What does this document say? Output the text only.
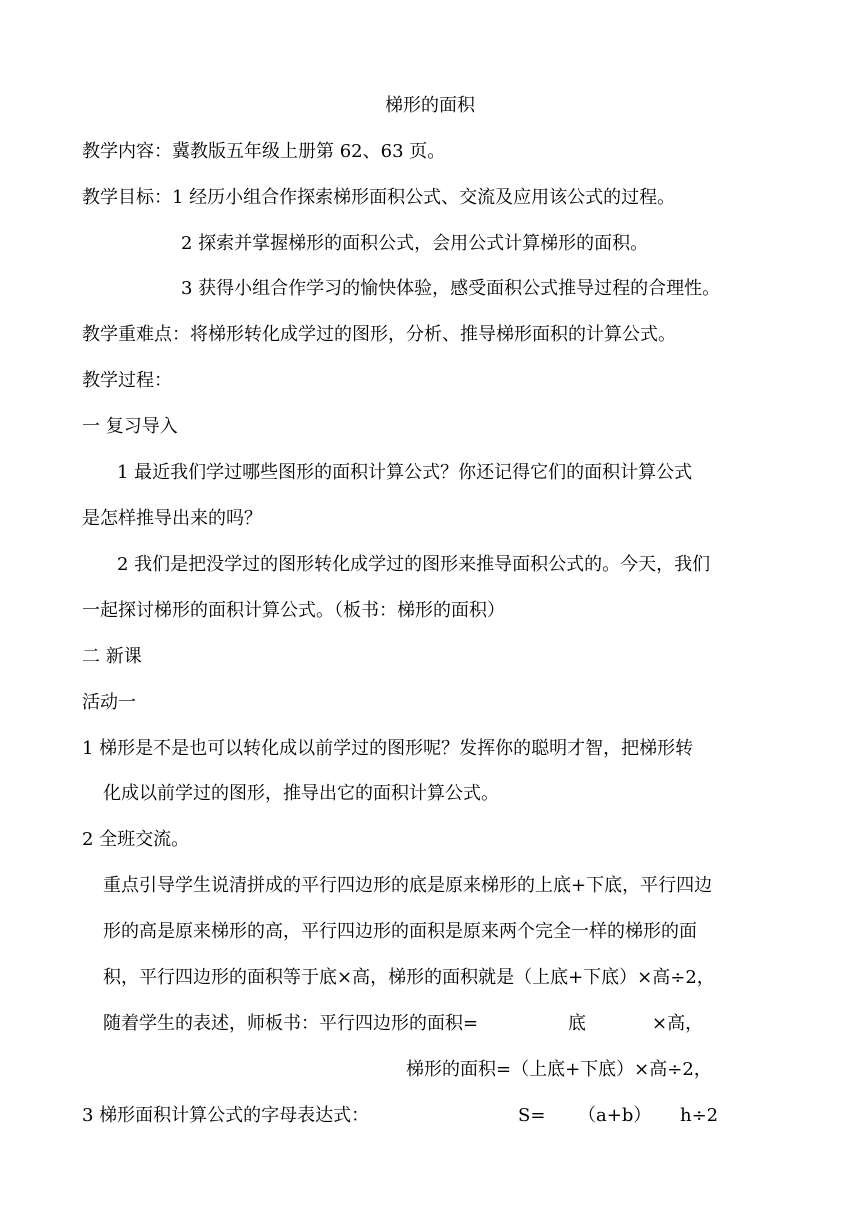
梯形的面积
教学内容：冀教版五年级上册第 62、63 页。
教学目标：1 经历小组合作探索梯形面积公式、交流及应用该公式的过程。
2 探索并掌握梯形的面积公式，会用公式计算梯形的面积。
3 获得小组合作学习的愉快体验，感受面积公式推导过程的合理性。
教学重难点：将梯形转化成学过的图形，分析、推导梯形面积的计算公式。
教学过程：
一 复习导入
1 最近我们学过哪些图形的面积计算公式？你还记得它们的面积计算公式
是怎样推导出来的吗？
2 我们是把没学过的图形转化成学过的图形来推导面积公式的。今天，我们
一起探讨梯形的面积计算公式。（板书：梯形的面积）
二 新课
活动一
1 梯形是不是也可以转化成以前学过的图形呢？发挥你的聪明才智，把梯形转
化成以前学过的图形，推导出它的面积计算公式。
2 全班交流。
重点引导学生说清拼成的平行四边形的底是原来梯形的上底+下底，平行四边
形的高是原来梯形的高，平行四边形的面积是原来两个完全一样的梯形的面
积，平行四边形的面积等于底×高，梯形的面积就是（上底+下底）×高÷2，
随着学生的表述，师板书：平行四边形的面积=	底	×高，
梯形的面积=（上底+下底）×高÷2，
3 梯形面积计算公式的字母表达式：	S= （a+b） h÷2
